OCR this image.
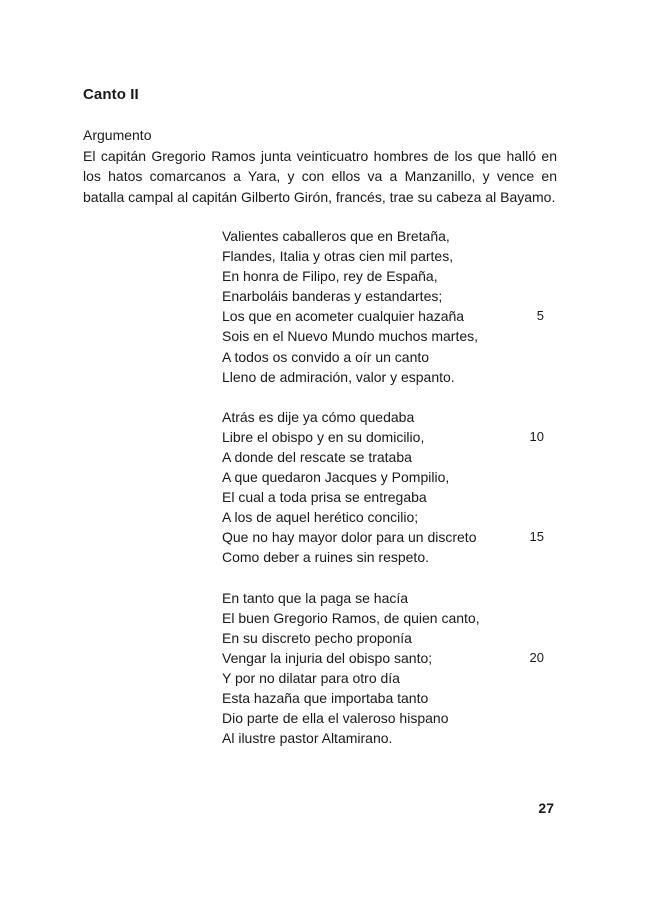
Canto II
Argumento

El capitán Gregorio Ramos junta veinticuatro hombres de los que halló en los hatos comarcanos a Yara, y con ellos va a Manzanillo, y vence en batalla campal al capitán Gilberto Girón, francés, trae su cabeza al Bayamo.

Valientes caballeros que en Bretaña,
Flandes, Italia y otras cien mil partes,
En honra de Filipo, rey de España,
Enarboláis banderas y estandartes;
Los que en acometer cualquier hazaña	5
Sois en el Nuevo Mundo muchos martes,
A todos os convido a oír un canto
Lleno de admiración, valor y espanto.
Atrás es dije ya cómo quedaba
Libre el obispo y en su domicilio,	10
A donde del rescate se trataba
A que quedaron Jacques y Pompilio,
El cual a toda prisa se entregaba
A los de aquel herético concilio;
Que no hay mayor dolor para un discreto	15
Como deber a ruines sin respeto.
En tanto que la paga se hacía
El buen Gregorio Ramos, de quien canto,
En su discreto pecho proponía
Vengar la injuria del obispo santo;	20
Y por no dilatar para otro día
Esta hazaña que importaba tanto
Dio parte de ella el valeroso hispano
Al ilustre pastor Altamirano.
27
